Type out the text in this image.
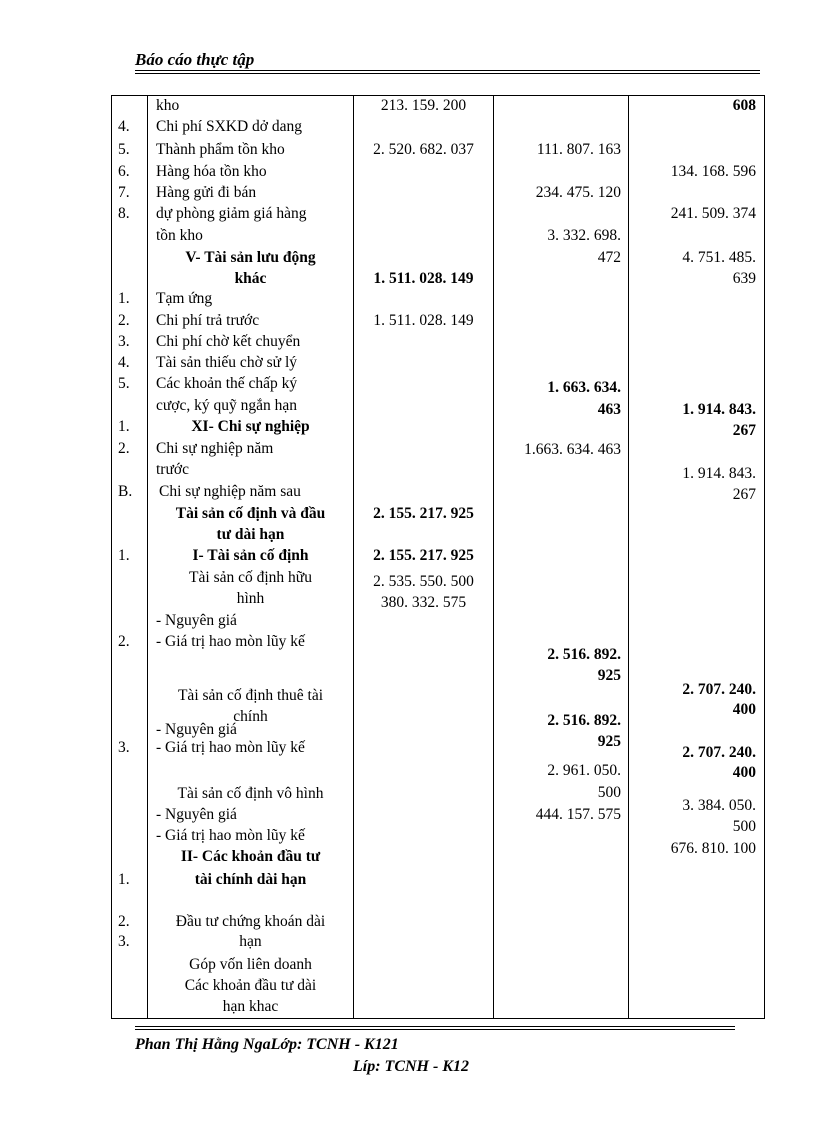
Báo cáo thực tập
4.
5.
6.
7.
8.
1.
2.
3.
4.
5.
1.
2.
B.
1.
2.
3.
1.
2.
3.
kho
Chi phí SXKD dở dang
Thành phẩm tồn kho
Hàng hóa tồn kho
Hàng gửi đi bán
dự phòng giảm giá hàng
tồn kho
V- Tài sản lưu động
khác
Tạm ứng
Chi phí trả trước
Chi phí chờ kết chuyển
Tài sản thiếu chờ sử lý
Các khoản thế chấp ký
cược, ký quỹ ngắn hạn
XI- Chi sự nghiệp
Chi sự nghiệp năm
trước
Chi sự nghiệp năm sau
Tài sản cố định và đầu
tư dài hạn
I- Tài sản cố định
Tài sản cố định hữu
hình
- Nguyên giá
- Giá trị hao mòn lũy kế
Tài sản cố định thuê tài
chính
- Nguyên giá
- Giá trị hao mòn lũy kế
Tài sản cố định vô hình
- Nguyên giá
- Giá trị hao mòn lũy kế
II- Các khoản đầu tư
tài chính dài hạn
Đầu tư chứng khoán dài
hạn
Góp vốn liên doanh
Các khoản đầu tư dài
hạn khac
213. 159. 200
2. 520. 682. 037
1. 511. 028. 149
1. 511. 028. 149
2. 155. 217. 925
2. 155. 217. 925
2. 535. 550. 500
380. 332. 575
111. 807. 163
234. 475. 120
3. 332. 698.
472
1. 663. 634.
463
1.663. 634. 463
2. 516. 892.
925
2. 516. 892.
925
2. 961. 050.
500
444. 157. 575
608
134. 168. 596
241. 509. 374
4. 751. 485.
639
1. 914. 843.
267
1. 914. 843.
267
2. 707. 240.
400
2. 707. 240.
400
3. 384. 050.
500
676. 810. 100
Phan Thị Hằng NgaLớp: TCNH - K121
Líp: TCNH - K12
